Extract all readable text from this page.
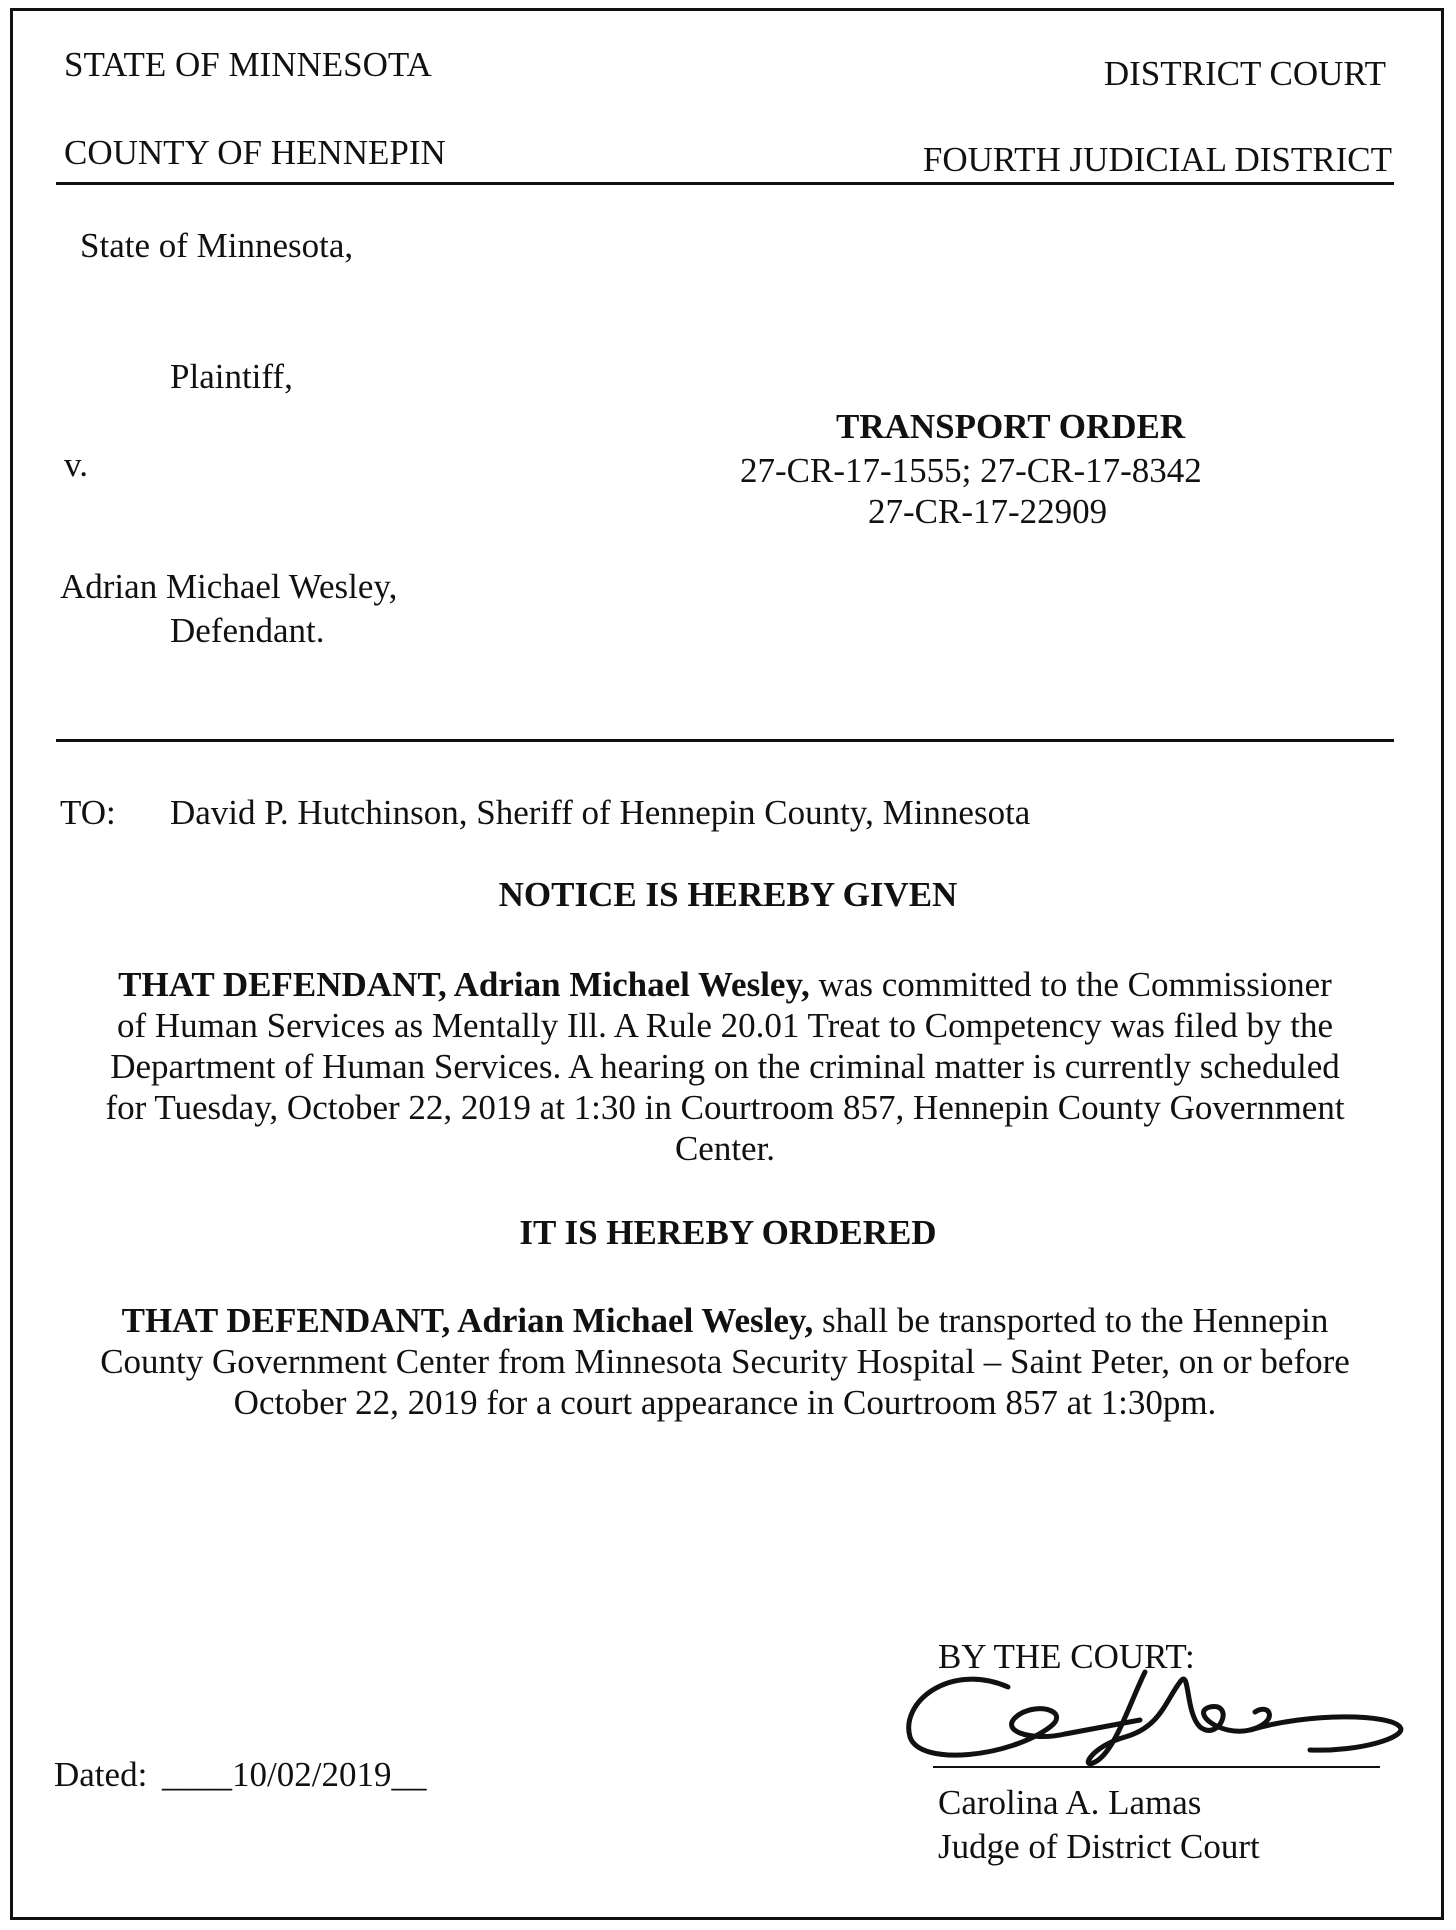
STATE OF MINNESOTA	DISTRICT COURT
COUNTY OF HENNEPIN	FOURTH JUDICIAL DISTRICT
State of Minnesota,
Plaintiff,
v.
Adrian Michael Wesley,
Defendant.
TRANSPORT ORDER
27-CR-17-1555; 27-CR-17-8342
27-CR-17-22909
TO: David P. Hutchinson, Sheriff of Hennepin County, Minnesota
NOTICE IS HEREBY GIVEN
THAT DEFENDANT, Adrian Michael Wesley, was committed to the Commissioner
of Human Services as Mentally Ill. A Rule 20.01 Treat to Competency was filed by the
Department of Human Services. A hearing on the criminal matter is currently scheduled
for Tuesday, October 22, 2019 at 1:30 in Courtroom 857, Hennepin County Government
Center.
IT IS HEREBY ORDERED
THAT DEFENDANT, Adrian Michael Wesley, shall be transported to the Hennepin
County Government Center from Minnesota Security Hospital – Saint Peter, on or before
October 22, 2019 for a court appearance in Courtroom 857 at 1:30pm.
BY THE COURT:
Carolina A. Lamas
Judge of District Court
Dated: ____10/02/2019__
